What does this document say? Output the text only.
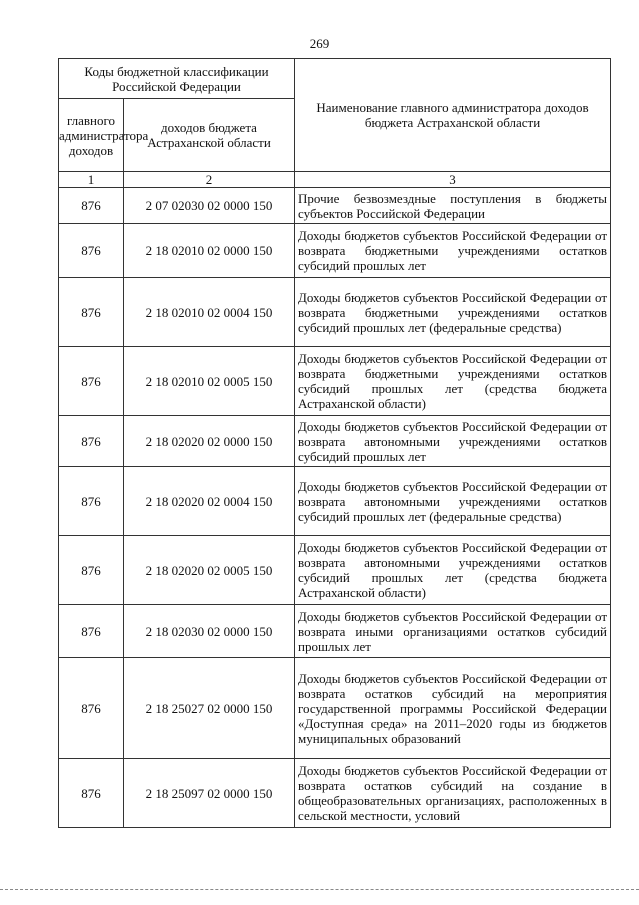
269
Коды бюджетной классификации Российской Федерации		Наименование главного администратора доходов бюджета Астраханской области
главного администратора доходов	доходов бюджета Астраханской области	
1	2	3
876	2 07 02030 02 0000 150	Прочие безвозмездные поступления в бюджеты субъектов Российской Федерации
876	2 18 02010 02 0000 150	Доходы бюджетов субъектов Российской Федерации от возврата бюджетными учреждениями остатков субсидий прошлых лет
876	2 18 02010 02 0004 150	Доходы бюджетов субъектов Российской Федерации от возврата бюджетными учреждениями остатков субсидий прошлых лет (федеральные средства)
876	2 18 02010 02 0005 150	Доходы бюджетов субъектов Российской Федерации от возврата бюджетными учреждениями остатков субсидий прошлых лет (средства бюджета Астраханской области)
876	2 18 02020 02 0000 150	Доходы бюджетов субъектов Российской Федерации от возврата автономными учреждениями остатков субсидий прошлых лет
876	2 18 02020 02 0004 150	Доходы бюджетов субъектов Российской Федерации от возврата автономными учреждениями остатков субсидий прошлых лет (федеральные средства)
876	2 18 02020 02 0005 150	Доходы бюджетов субъектов Российской Федерации от возврата автономными учреждениями остатков субсидий прошлых лет (средства бюджета Астраханской области)
876	2 18 02030 02 0000 150	Доходы бюджетов субъектов Российской Федерации от возврата иными организациями остатков субсидий прошлых лет
876	2 18 25027 02 0000 150	Доходы бюджетов субъектов Российской Федерации от возврата остатков субсидий на мероприятия государственной программы Российской Федерации «Доступная среда» на 2011–2020 годы из бюджетов муниципальных образований
876	2 18 25097 02 0000 150	Доходы бюджетов субъектов Российской Федерации от возврата остатков субсидий на создание в общеобразовательных организациях, расположенных в сельской местности, условий
